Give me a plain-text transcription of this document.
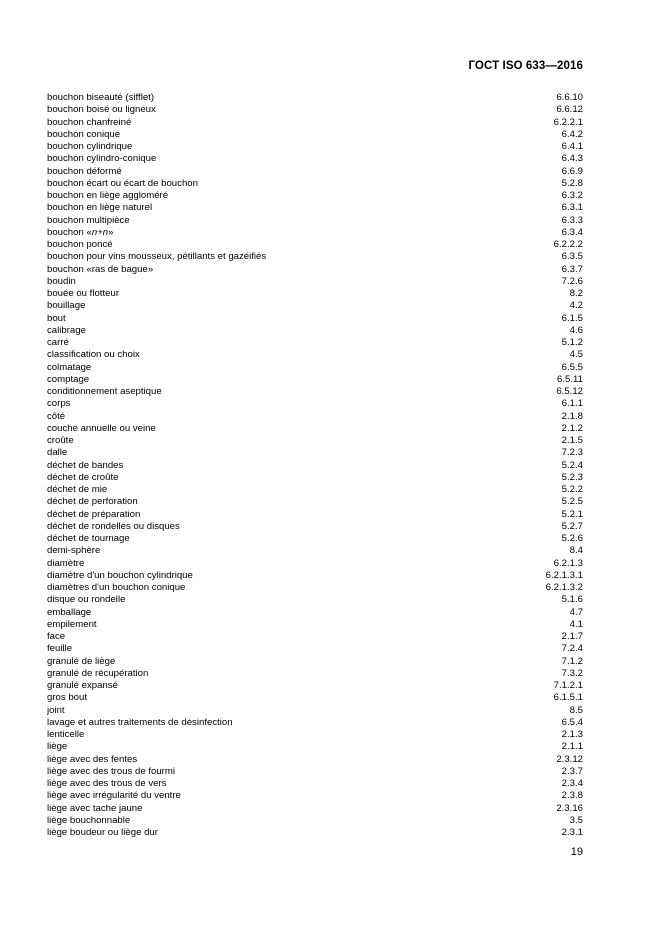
ГОСТ ISO 633—2016
bouchon biseauté (sifflet)	6.6.10
bouchon boisé ou ligneux	6.6.12
bouchon chanfreiné	6.2.2.1
bouchon conique	6.4.2
bouchon cylindrique	6.4.1
bouchon cylindro-conique	6.4.3
bouchon déformé	6.6.9
bouchon écart ou écart de bouchon	5.2.8
bouchon en liège aggloméré	6.3.2
bouchon en liège naturel	6.3.1
bouchon multipièce	6.3.3
bouchon «n+n»	6.3.4
bouchon poncé	6.2.2.2
bouchon pour vins mousseux, pétillants et gazéifiés	6.3.5
bouchon «ras de bague»	6.3.7
boudin	7.2.6
bouée ou flotteur	8.2
bouillage	4.2
bout	6.1.5
calibrage	4.6
carré	5.1.2
classification ou choix	4.5
colmatage	6.5.5
comptage	6.5.11
conditionnement aseptique	6.5.12
corps	6.1.1
côté	2.1.8
couche annuelle ou veine	2.1.2
croûte	2.1.5
dalle	7.2.3
déchet de bandes	5.2.4
déchet de croûte	5.2.3
déchet de mie	5.2.2
déchet de perforation	5.2.5
déchet de préparation	5.2.1
déchet de rondelles ou disques	5.2.7
déchet de tournage	5.2.6
demi-sphère	8.4
diamètre	6.2.1.3
diamètre d'un bouchon cylindrique	6.2.1.3.1
diamètres d'un bouchon conique	6.2.1.3.2
disque ou rondelle	5.1.6
emballage	4.7
empilement	4.1
face	2.1.7
feuille	7.2.4
granulé de liège	7.1.2
granulé de récupération	7.3.2
granulé expansé	7.1.2.1
gros bout	6.1.5.1
joint	8.5
lavage et autres traitements de désinfection	6.5.4
lenticelle	2.1.3
liège	2.1.1
liège avec des fentes	2.3.12
liège avec des trous de fourmi	2.3.7
liège avec des trous de vers	2.3.4
liège avec irrégularité du ventre	2.3.8
liège avec tache jaune	2.3.16
liège bouchonnable	3.5
liège boudeur ou liège dur	2.3.1
19
